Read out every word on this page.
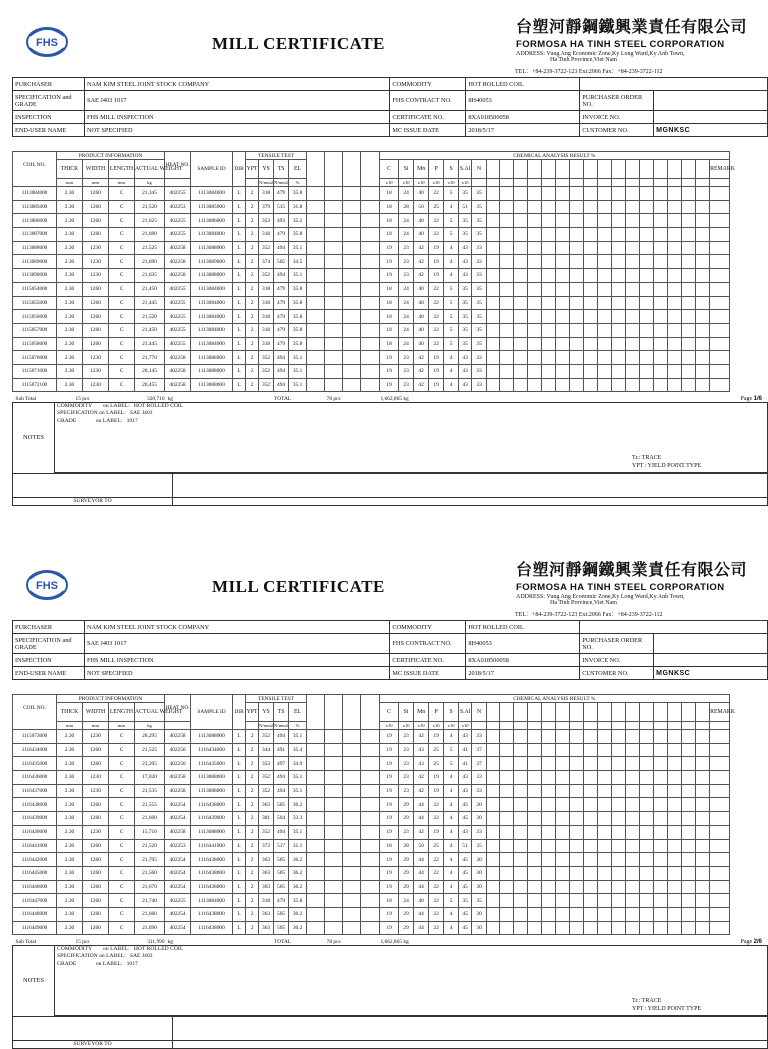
FHS	MILL CERTIFICATE
台塑河靜鋼鐵興業責任有限公司
FORMOSA HA TINH STEEL CORPORATION
ADDRESS: Vung Ang Economic Zone,Ky Long Ward,Ky Anh Town,
Ha Tinh Province,Viet Nam
TEL：+84-239-3722-123 Ext:2066 Fax：+84-239-3722-112
PURCHASER	NAM KIM STEEL JOINT STOCK COMPANY	COMMODITY	HOT ROLLED COIL		
SPECIFICATION and GRADE	SAE J403 1017				
		FHS CONTRACT NO.	8H40053	PURCHASER ORDER NO.	
INSPECTION	FHS MILL INSPECTION	CERTIFICATE NO.	8XA018500058	INVOICE NO.	
END-USER NAME	NOT SPECIFIED	MC ISSUE DATE	2018/5/17	CUSTOMER NO.	MGNKSC
COIL NO.	PRODUCT INFORMATION				HEAT NO.	SAMPLE ID	DIR	TENSILE TEST								CHEMICAL ANALYSIS RESULT %																							
	THICK	WIDTH	LENGTH	ACTUAL WEIGHT				YPT	YS	TS	EL					C	Si	Mn	P	S	S.Al	N																	REMARK
	mm	mm	mm	kg					N/mm2	N/mm2	%					x10	x10	x10	x10	x10	x10																		
1113084000	2.30	1260	C	21,345	402255	1113084000	L	2	318	479	35.8					18	24	40	22	5	35	35																	
1113085000	2.30	1260	C	21,520	402253	1113085000	L	2	379	515	31.8					18	28	50	25	4	51	35																	
1113086000	2.30	1260	C	21,625	402255	1113086000	L	2	353	493	35.2					18	24	40	22	5	35	35																	
1113087000	2.30	1260	C	21,690	402255	1113084000	L	2	318	479	35.8					18	24	40	22	5	35	35																	
1113088000	2.30	1230	C	21,525	402258	1113088000	L	2	352	494	35.1					19	23	42	19	4	43	33																	
1113089000	2.30	1230	C	21,690	402258	1113089000	L	2	374	505	34.5					19	23	42	19	4	43	33																	
1113090000	2.30	1230	C	21,635	402258	1113088000	L	2	352	494	35.1					19	23	42	19	4	43	33																	
1115054000	2.30	1260	C	21,450	402255	1113084000	L	2	318	479	35.8					18	24	40	22	5	35	35																	
1115055000	2.30	1260	C	21,445	402255	1113084000	L	2	318	479	35.8					18	24	40	22	5	35	35																	
1115056000	2.30	1260	C	21,520	402255	1113084000	L	2	318	479	35.8					18	24	40	22	5	35	35																	
1115057000	2.30	1260	C	21,450	402255	1113084000	L	2	318	479	35.8					18	24	40	22	5	35	35																	
1115058000	2.30	1260	C	21,445	402255	1113084000	L	2	318	479	35.8					18	24	40	22	5	35	35																	
1115070000	2.30	1230	C	21,770	402258	1113088000	L	2	352	494	35.1					19	23	42	19	4	43	33																	
1115071000	2.30	1230	C	20,145	402258	1113088000	L	2	352	494	35.1					19	23	42	19	4	43	33																	
1115072100	2.30	1230	C	20,455	402258	1113088000	L	2	352	494	35.1					19	23	42	19	4	43	33																	
Sub Total	15 pcs		320,710		kg				TOTAL			78 pcs			1,662,865 kg																								Page 1/6
NOTES	COMMODITY        on LABEL:   HOT ROLLED COIL
SPECIFICATION on LABEL:   SAE J403
GRADE              on LABEL:   1017	

SURVEYOR TO		
Tr.: TRACE
YPT : YIELD POINT TYPE
FHS	MILL CERTIFICATE
台塑河靜鋼鐵興業責任有限公司
FORMOSA HA TINH STEEL CORPORATION
ADDRESS: Vung Ang Economic Zone,Ky Long Ward,Ky Anh Town,
Ha Tinh Province,Viet Nam
TEL：+84-239-3722-123 Ext:2066 Fax：+84-239-3722-112
PURCHASER	NAM KIM STEEL JOINT STOCK COMPANY	COMMODITY	HOT ROLLED COIL		
SPECIFICATION and GRADE	SAE J403 1017				
		FHS CONTRACT NO.	8H40053	PURCHASER ORDER NO.	
INSPECTION	FHS MILL INSPECTION	CERTIFICATE NO.	8XA018500058	INVOICE NO.	
END-USER NAME	NOT SPECIFIED	MC ISSUE DATE	2018/5/17	CUSTOMER NO.	MGNKSC
COIL NO.	PRODUCT INFORMATION				HEAT NO.	SAMPLE ID	DIR	TENSILE TEST								CHEMICAL ANALYSIS RESULT %																							
	THICK	WIDTH	LENGTH	ACTUAL WEIGHT				YPT	YS	TS	EL					C	Si	Mn	P	S	S.Al	N																	REMARK
	mm	mm	mm	kg					N/mm2	N/mm2	%					x10	x10	x10	x10	x10	x10																		
1115073000	2.30	1230	C	20,295	402258	1113088000	L	2	352	494	35.1					19	23	42	19	4	43	33																	
1116434000	2.30	1260	C	21,525	402256	1116434000	L	2	344	491	35.4					19	23	43	25	5	41	37																	
1116435000	2.30	1260	C	21,205	402256	1116435000	L	2	353	497	34.9					19	23	43	25	5	41	37																	
1116436000	2.30	1230	C	17,020	402258	1113088000	L	2	352	494	35.1					19	23	42	19	4	43	33																	
1116437000	2.30	1230	C	21,535	402258	1113088000	L	2	352	494	35.1					19	23	42	19	4	43	33																	
1116438000	2.30	1260	C	21,555	402254	1116438000	L	2	363	505	36.2					19	29	44	22	4	45	30																	
1116439000	2.30	1260	C	21,600	402254	1116439000	L	2	381	504	33.3					19	29	44	22	4	45	30																	
1116440000	2.30	1230	C	15,710	402258	1113088000	L	2	352	494	35.1					19	23	42	19	4	43	33																	
1116441000	2.30	1260	C	21,520	402253	1116441000	L	2	372	517	31.1					18	28	50	25	4	51	35																	
1116442000	2.30	1260	C	21,705	402254	1116438000	L	2	363	505	36.2					19	29	44	22	4	45	30																	
1116445000	2.30	1260	C	21,560	402254	1116438000	L	2	363	505	36.2					19	29	44	22	4	45	30																	
1116446000	2.30	1260	C	21,670	402254	1116438000	L	2	363	505	36.2					19	29	44	22	4	45	30																	
1116447000	2.30	1260	C	21,740	402255	1113084000	L	2	318	479	35.8					18	24	40	22	5	35	35																	
1116448000	2.30	1260	C	21,660	402254	1116438000	L	2	363	505	36.2					19	29	44	22	4	45	30																	
1116449000	2.30	1260	C	21,690	402254	1116438000	L	2	363	505	36.2					19	29	44	22	4	45	30																	
Sub Total	15 pcs		311,990		kg				TOTAL			78 pcs			1,662,865 kg																								Page 2/6
NOTES	COMMODITY        on LABEL:   HOT ROLLED COIL
SPECIFICATION on LABEL:   SAE J403
GRADE              on LABEL:   1017	

SURVEYOR TO		
Tr.: TRACE
YPT : YIELD POINT TYPE
